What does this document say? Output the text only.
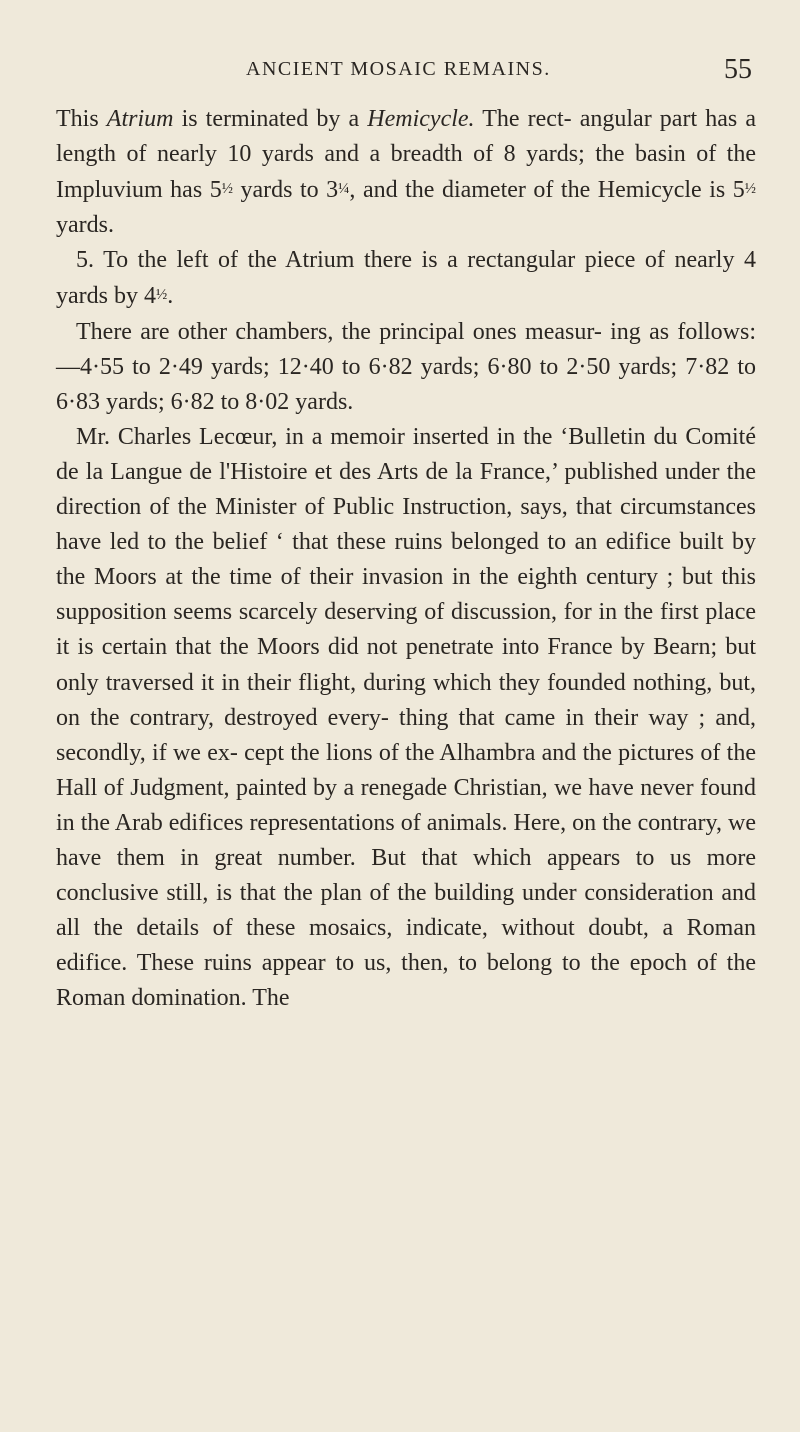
ANCIENT MOSAIC REMAINS.	55

This Atrium is terminated by a Hemicycle. The rect- angular part has a length of nearly 10 yards and a breadth of 8 yards; the basin of the Impluvium has 5½ yards to 3¼, and the diameter of the Hemicycle is 5½ yards.

5. To the left of the Atrium there is a rectangular piece of nearly 4 yards by 4½.

There are other chambers, the principal ones measur- ing as follows:—4·55 to 2·49 yards; 12·40 to 6·82 yards; 6·80 to 2·50 yards; 7·82 to 6·83 yards; 6·82 to 8·02 yards.

Mr. Charles Lecœur, in a memoir inserted in the ‘Bulletin du Comité de la Langue de l'Histoire et des Arts de la France,’ published under the direction of the Minister of Public Instruction, says, that circumstances have led to the belief ‘ that these ruins belonged to an edifice built by the Moors at the time of their invasion in the eighth century ; but this supposition seems scarcely deserving of discussion, for in the first place it is certain that the Moors did not penetrate into France by Bearn; but only traversed it in their flight, during which they founded nothing, but, on the contrary, destroyed every- thing that came in their way ; and, secondly, if we ex- cept the lions of the Alhambra and the pictures of the Hall of Judgment, painted by a renegade Christian, we have never found in the Arab edifices representations of animals. Here, on the contrary, we have them in great number. But that which appears to us more conclusive still, is that the plan of the building under consideration and all the details of these mosaics, indicate, without doubt, a Roman edifice. These ruins appear to us, then, to belong to the epoch of the Roman domination. The
